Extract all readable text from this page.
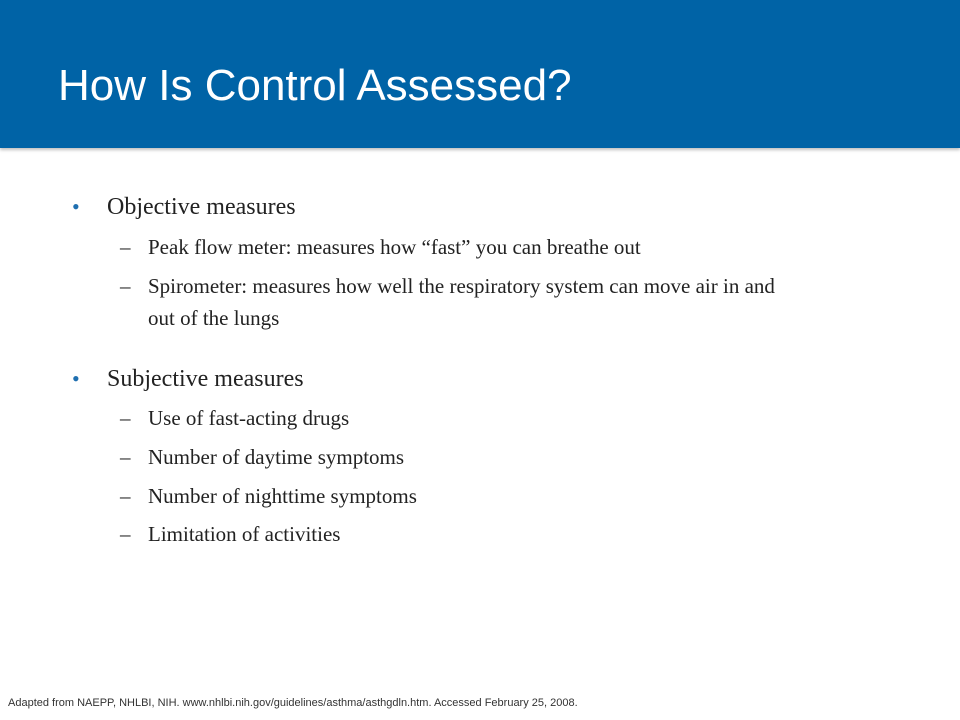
How Is Control Assessed?
• Objective measures
– Peak flow meter: measures how “fast” you can breathe out
– Spirometer: measures how well the respiratory system can move air in and out of the lungs
• Subjective measures
– Use of fast-acting drugs
– Number of daytime symptoms
– Number of nighttime symptoms
– Limitation of activities
Adapted from NAEPP, NHLBI, NIH. www.nhlbi.nih.gov/guidelines/asthma/asthgdln.htm. Accessed February 25, 2008.
